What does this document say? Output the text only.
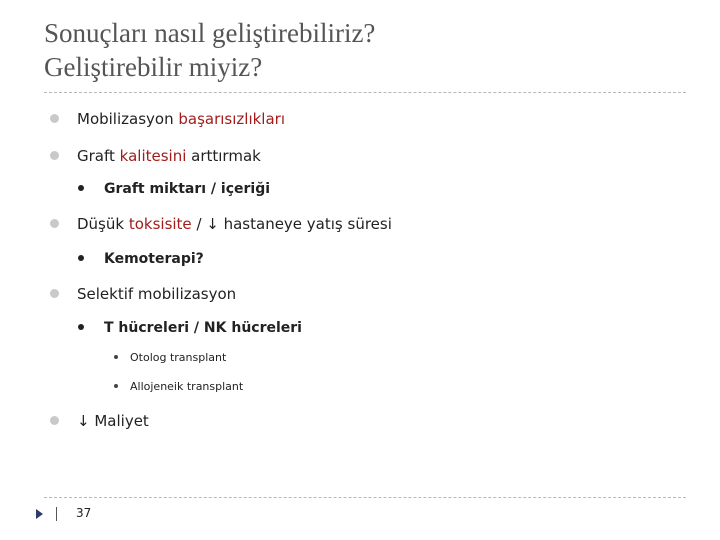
Sonuçları nasıl geliştirebiliriz?
Geliştirebilir miyiz?
Mobilizasyon başarısızlıkları
Graft kalitesini arttırmak
Graft miktarı / içeriği
Düşük toksisite / ↓ hastaneye yatış süresi
Kemoterapi?
Selektif mobilizasyon
T hücreleri / NK hücreleri
Otolog transplant
Allojeneik transplant
↓ Maliyet
37
